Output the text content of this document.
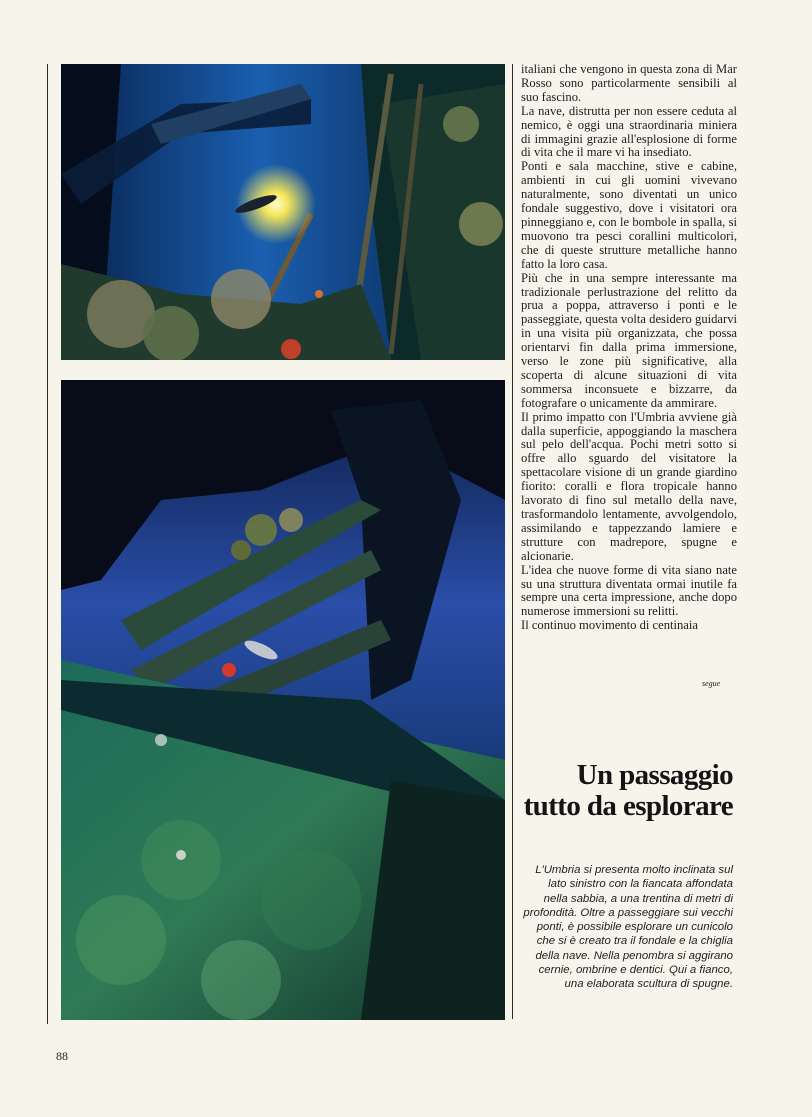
italiani che vengono in questa zona di Mar Rosso sono particolarmente sensibili al suo fascino.

La nave, distrutta per non essere ceduta al nemico, è oggi una straordinaria miniera di immagini grazie all'esplosione di forme di vita che il mare vi ha insediato.

Ponti e sala macchine, stive e cabine, ambienti in cui gli uomini vivevano naturalmente, sono diventati un unico fondale suggestivo, dove i visitatori ora pinneggiano e, con le bombole in spalla, si muovono tra pesci corallini multicolori, che di queste strutture metalliche hanno fatto la loro casa.

Più che in una sempre interessante ma tradizionale perlustrazione del relitto da prua a poppa, attraverso i ponti e le passeggiate, questa volta desidero guidarvi in una visita più organizzata, che possa orientarvi fin dalla prima immersione, verso le zone più significative, alla scoperta di alcune situazioni di vita sommersa inconsuete e bizzarre, da fotografare o unicamente da ammirare.

Il primo impatto con l'Umbria avviene già dalla superficie, appoggiando la maschera sul pelo dell'acqua. Pochi metri sotto si offre allo sguardo del visitatore la spettacolare visione di un grande giardino fiorito: coralli e flora tropicale hanno lavorato di fino sul metallo della nave, trasformandolo lentamente, avvolgendolo, assimilando e tappezzando lamiere e strutture con madrepore, spugne e alcionarie.

L'idea che nuove forme di vita siano nate su una struttura diventata ormai inutile fa sempre una certa impressione, anche dopo numerose immersioni su relitti.

Il continuo movimento di centinaia

segue
Un passaggio tutto da esplorare
L'Umbria si presenta molto inclinata sul lato sinistro con la fiancata affondata nella sabbia, a una trentina di metri di profondità. Oltre a passeggiare sui vecchi ponti, è possibile esplorare un cunicolo che si è creato tra il fondale e la chiglia della nave. Nella penombra si aggirano cernie, ombrine e dentici. Qui a fianco, una elaborata scultura di spugne.
88
